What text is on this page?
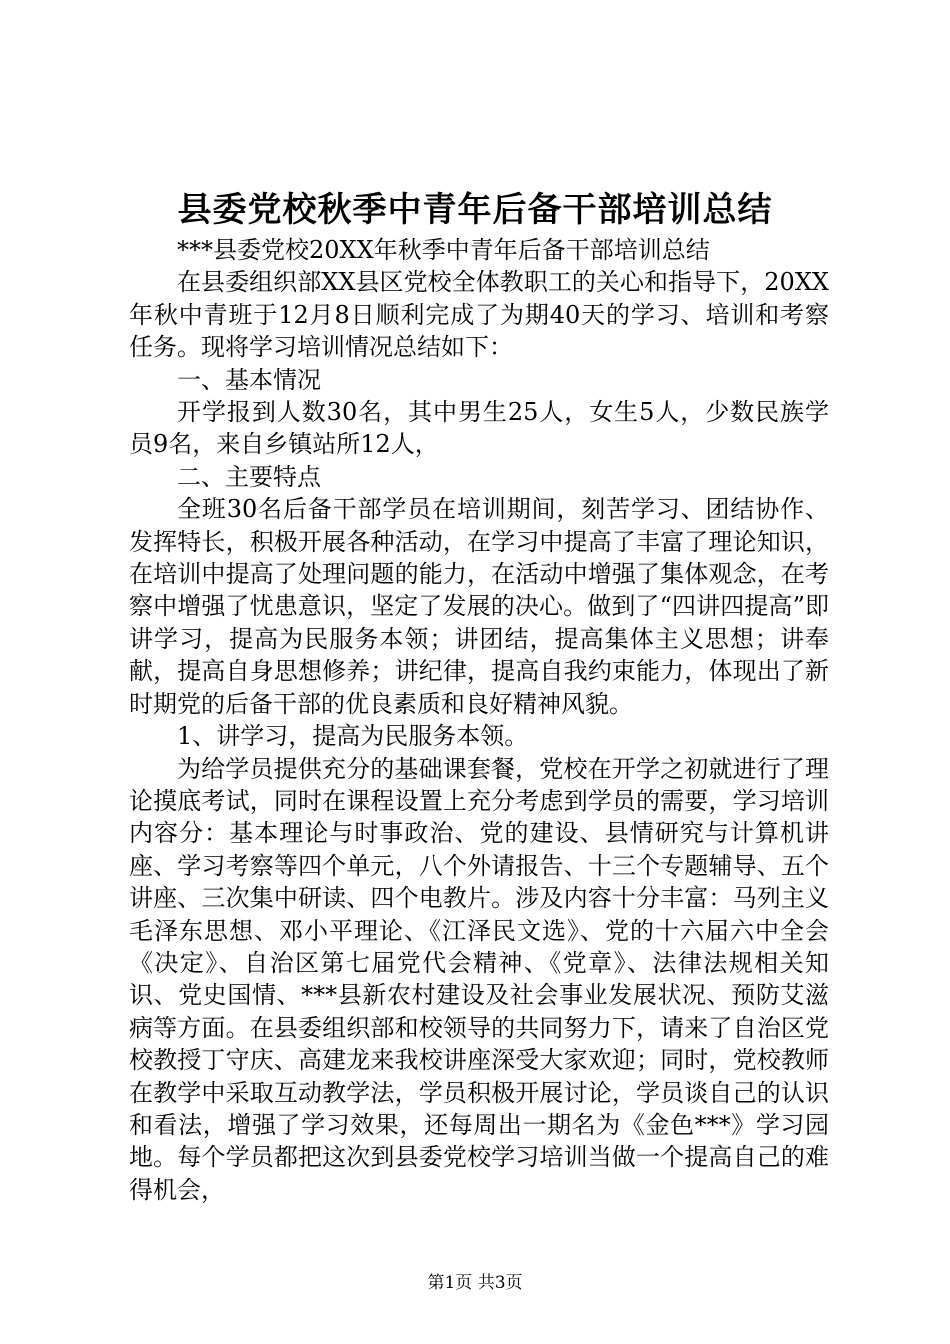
县委党校秋季中青年后备干部培训总结

***县委党校20XX年秋季中青年后备干部培训总结

在县委组织部XX县区党校全体教职工的关心和指导下，20XX年秋中青班于12月8日顺利完成了为期40天的学习、培训和考察任务。现将学习培训情况总结如下：

一、基本情况

开学报到人数30名，其中男生25人，女生5人，少数民族学员9名，来自乡镇站所12人，

二、主要特点

全班30名后备干部学员在培训期间，刻苦学习、团结协作、发挥特长，积极开展各种活动，在学习中提高了丰富了理论知识，在培训中提高了处理问题的能力，在活动中增强了集体观念，在考察中增强了忧患意识，坚定了发展的决心。做到了“四讲四提高”即讲学习，提高为民服务本领；讲团结，提高集体主义思想；讲奉献，提高自身思想修养；讲纪律，提高自我约束能力，体现出了新时期党的后备干部的优良素质和良好精神风貌。

1、讲学习，提高为民服务本领。

为给学员提供充分的基础课套餐，党校在开学之初就进行了理论摸底考试，同时在课程设置上充分考虑到学员的需要，学习培训内容分：基本理论与时事政治、党的建设、县情研究与计算机讲座、学习考察等四个单元，八个外请报告、十三个专题辅导、五个讲座、三次集中研读、四个电教片。涉及内容十分丰富：马列主义毛泽东思想、邓小平理论、《江泽民文选》、党的十六届六中全会《决定》、自治区第七届党代会精神、《党章》、法律法规相关知识、党史国情、***县新农村建设及社会事业发展状况、预防艾滋病等方面。在县委组织部和校领导的共同努力下，请来了自治区党校教授丁守庆、高建龙来我校讲座深受大家欢迎；同时，党校教师在教学中采取互动教学法，学员积极开展讨论，学员谈自己的认识和看法，增强了学习效果，还每周出一期名为《金色***》学习园地。每个学员都把这次到县委党校学习培训当做一个提高自己的难得机会，

第1页 共3页
